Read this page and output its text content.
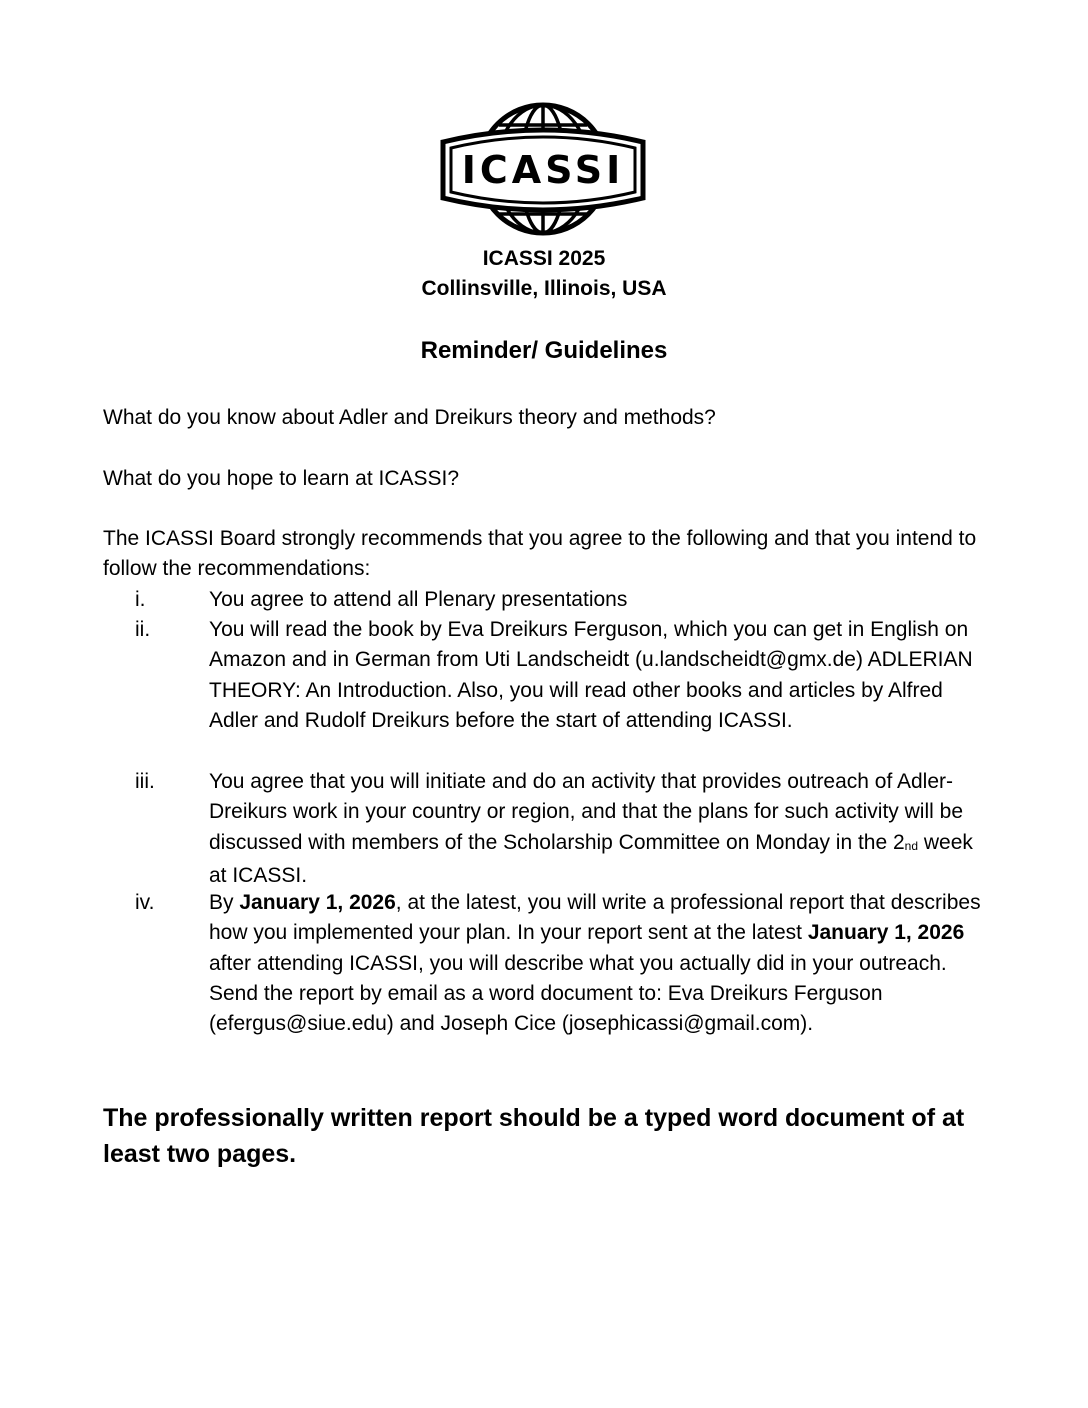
ICASSI
ICASSI 2025
Collinsville, Illinois, USA
Reminder/ Guidelines
What do you know about Adler and Dreikurs theory and methods?
What do you hope to learn at ICASSI?
The ICASSI Board strongly recommends that you agree to the following and that you intend to follow the recommendations:
i.	You agree to attend all Plenary presentations
ii.	You will read the book by Eva Dreikurs Ferguson, which you can get in English on Amazon and in German from Uti Landscheidt (u.landscheidt@gmx.de) ADLERIAN THEORY: An Introduction. Also, you will read other books and articles by Alfred Adler and Rudolf Dreikurs before the start of attending ICASSI.
iii.	You agree that you will initiate and do an activity that provides outreach of Adler-Dreikurs work in your country or region, and that the plans for such activity will be discussed with members of the Scholarship Committee on Monday in the 2nd week at ICASSI.
iv.	By January 1, 2026, at the latest, you will write a professional report that describes how you implemented your plan. In your report sent at the latest January 1, 2026 after attending ICASSI, you will describe what you actually did in your outreach. Send the report by email as a word document to: Eva Dreikurs Ferguson (efergus@siue.edu) and Joseph Cice (josephicassi@gmail.com).
The professionally written report should be a typed word document of at least two pages.
